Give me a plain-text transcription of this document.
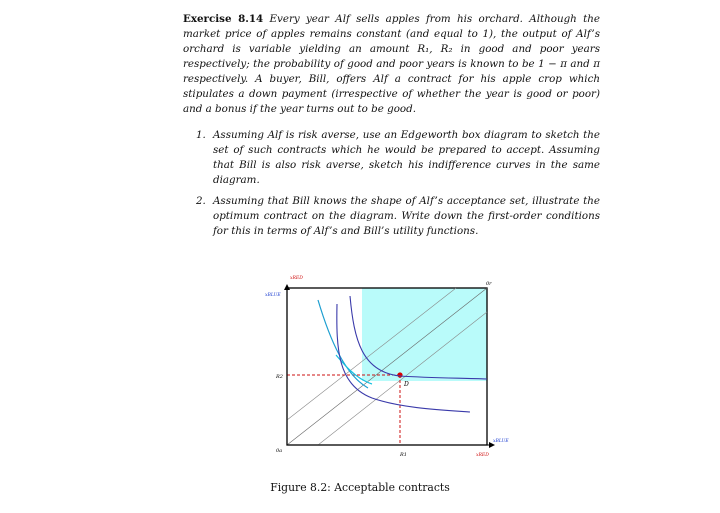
Exercise 8.14 Every year Alf sells apples from his orchard. Although the market price of apples remains constant (and equal to 1), the output of Alf’s orchard is variable yielding an amount R₁, R₂ in good and poor years respectively; the probability of good and poor years is known to be 1 − π and π respectively. A buyer, Bill, offers Alf a contract for his apple crop which stipulates a down payment (irrespective of whether the year is good or poor) and a bonus if the year turns out to be good.
1. Assuming Alf is risk averse, use an Edgeworth box diagram to sketch the set of such contracts which he would be prepared to accept. Assuming that Bill is also risk averse, sketch his indifference curves in the same diagram.
2. Assuming that Bill knows the shape of Alf’s acceptance set, illustrate the optimum contract on the diagram. Write down the first-order conditions for this in terms of Alf’s and Bill’s utility functions.
xRED
xBLUE
0r
0a
R2
D
R1
xBLUE
xRED
Figure 8.2: Acceptable contracts
